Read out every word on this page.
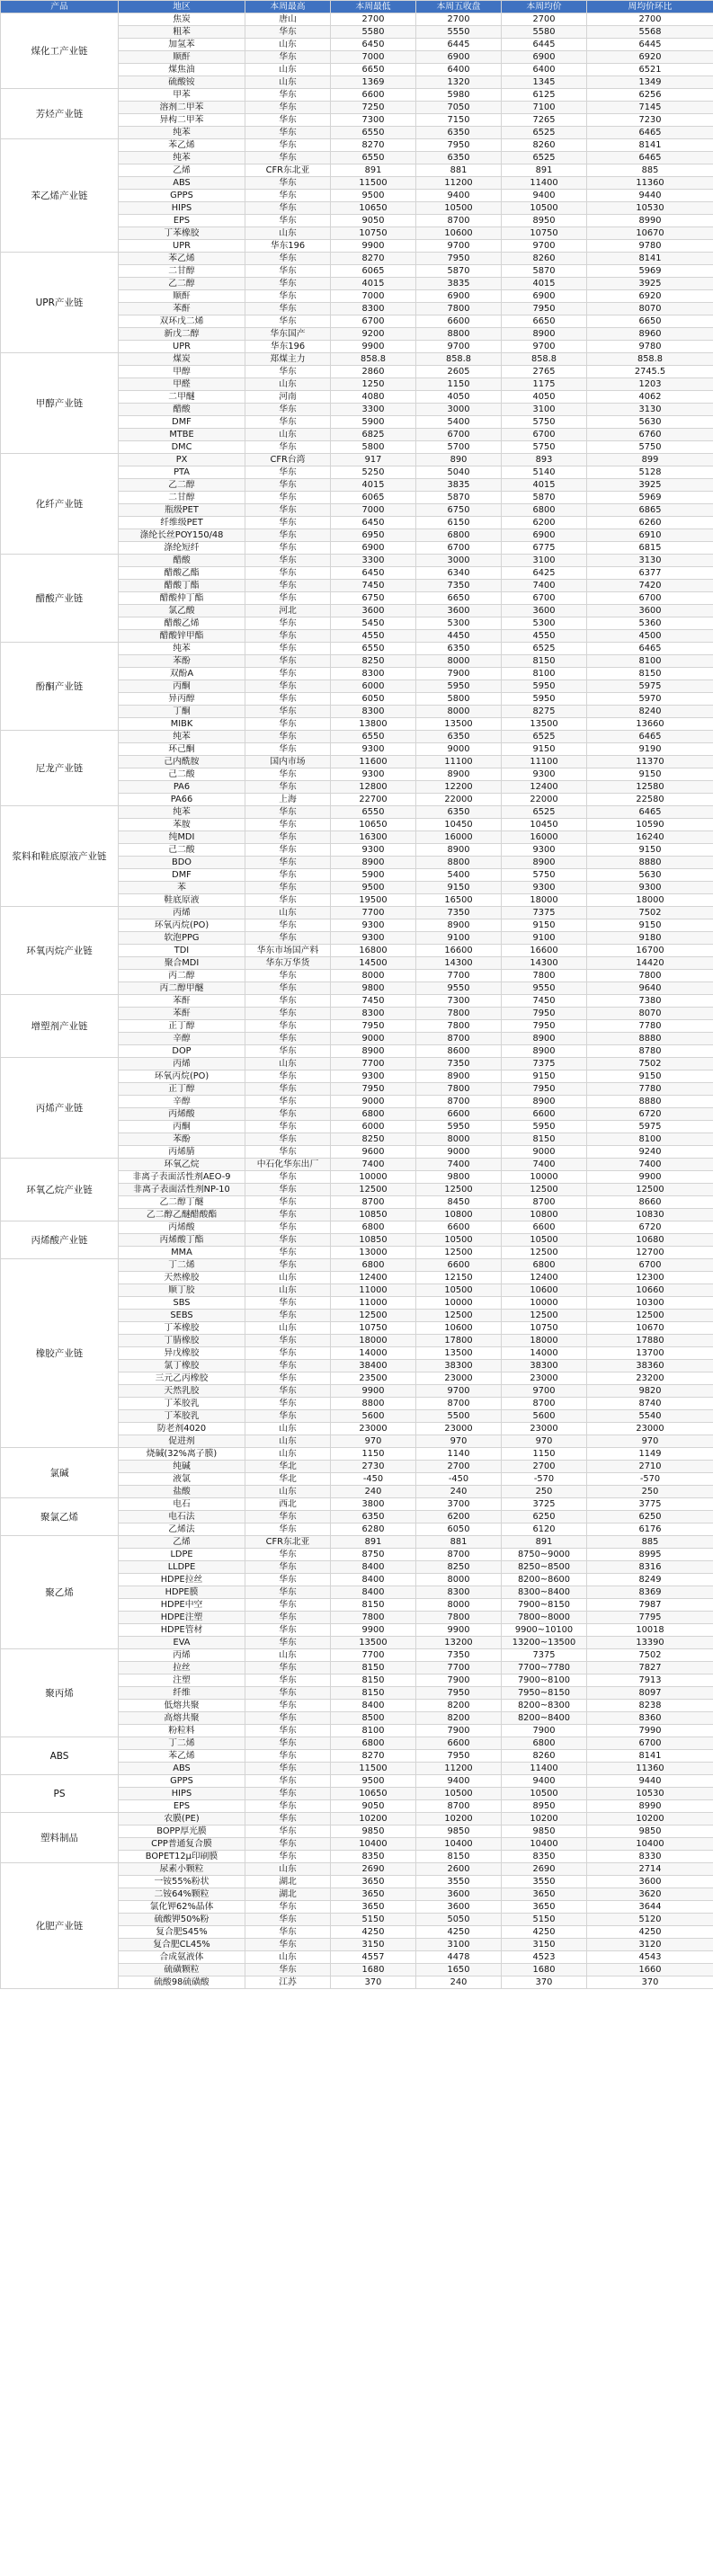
产品	地区	本周最高	本周最低	本周五收盘	本周均价	周均价环比	
煤化工产业链	焦炭	唐山	2700	2700	2700	2700	
	粗苯	华东	5580	5550	5580	5568	
	加氢苯	山东	6450	6445	6445	6445	
	顺酐	华东	7000	6900	6900	6920	
	煤焦油	山东	6650	6400	6400	6521	
	硫酸铵	山东	1369	1320	1345	1349	
芳烃产业链	甲苯	华东	6600	5980	6125	6256	
	溶剂二甲苯	华东	7250	7050	7100	7145	
	异构二甲苯	华东	7300	7150	7265	7230	
	纯苯	华东	6550	6350	6525	6465	
苯乙烯产业链	苯乙烯	华东	8270	7950	8260	8141	
	纯苯	华东	6550	6350	6525	6465	
	乙烯	CFR东北亚	891	881	891	885	
	ABS	华东	11500	11200	11400	11360	
	GPPS	华东	9500	9400	9400	9440	
	HIPS	华东	10650	10500	10500	10530	
	EPS	华东	9050	8700	8950	8990	
	丁苯橡胶	山东	10750	10600	10750	10670	
	UPR	华东196	9900	9700	9700	9780	
UPR产业链	苯乙烯	华东	8270	7950	8260	8141	
	二甘醇	华东	6065	5870	5870	5969	
	乙二醇	华东	4015	3835	4015	3925	
	顺酐	华东	7000	6900	6900	6920	
	苯酐	华东	8300	7800	7950	8070	
	双环戊二烯	华东	6700	6600	6650	6650	
	新戊二醇	华东国产	9200	8800	8900	8960	
	UPR	华东196	9900	9700	9700	9780	
甲醇产业链	煤炭	郑煤主力	858.8	858.8	858.8	858.8	
	甲醇	华东	2860	2605	2765	2745.5	
	甲醛	山东	1250	1150	1175	1203	
	二甲醚	河南	4080	4050	4050	4062	
	醋酸	华东	3300	3000	3100	3130	
	DMF	华东	5900	5400	5750	5630	
	MTBE	山东	6825	6700	6700	6760	
	DMC	华东	5800	5700	5750	5750	
化纤产业链	PX	CFR台湾	917	890	893	899	
	PTA	华东	5250	5040	5140	5128	
	乙二醇	华东	4015	3835	4015	3925	
	二甘醇	华东	6065	5870	5870	5969	
	瓶级PET	华东	7000	6750	6800	6865	
	纤维级PET	华东	6450	6150	6200	6260	
	涤纶长丝POY150/48	华东	6950	6800	6900	6910	
	涤纶短纤	华东	6900	6700	6775	6815	
醋酸产业链	醋酸	华东	3300	3000	3100	3130	
	醋酸乙酯	华东	6450	6340	6425	6377	
	醋酸丁酯	华东	7450	7350	7400	7420	
	醋酸仲丁酯	华东	6750	6650	6700	6700	
	氯乙酸	河北	3600	3600	3600	3600	
	醋酸乙烯	华东	5450	5300	5300	5360	
	醋酸锌甲酯	华东	4550	4450	4550	4500	
酚酮产业链	纯苯	华东	6550	6350	6525	6465	
	苯酚	华东	8250	8000	8150	8100	
	双酚A	华东	8300	7900	8100	8150	
	丙酮	华东	6000	5950	5950	5975	
	异丙醇	华东	6050	5800	5950	5970	
	丁酮	华东	8300	8000	8275	8240	
	MIBK	华东	13800	13500	13500	13660	
尼龙产业链	纯苯	华东	6550	6350	6525	6465	
	环己酮	华东	9300	9000	9150	9190	
	己内酰胺	国内市场	11600	11100	11100	11370	
	己二酸	华东	9300	8900	9300	9150	
	PA6	华东	12800	12200	12400	12580	
	PA66	上海	22700	22000	22000	22580	
浆料和鞋底原液产业链	纯苯	华东	6550	6350	6525	6465	
	苯胺	华东	10650	10450	10450	10590	
	纯MDI	华东	16300	16000	16000	16240	
	己二酸	华东	9300	8900	9300	9150	
	BDO	华东	8900	8800	8900	8880	
	DMF	华东	5900	5400	5750	5630	
	苯	华东	9500	9150	9300	9300	
	鞋底原液	华东	19500	16500	18000	18000	
环氧丙烷产业链	丙烯	山东	7700	7350	7375	7502	
	环氧丙烷(PO)	华东	9300	8900	9150	9150	
	软泡PPG	华东	9300	9100	9100	9180	
	TDI	华东市场国产料	16800	16600	16600	16700	
	聚合MDI	华东万华货	14500	14300	14300	14420	
	丙二醇	华东	8000	7700	7800	7800	
	丙二醇甲醚	华东	9800	9550	9550	9640	
增塑剂产业链	苯酐	华东	7450	7300	7450	7380	
	苯酐	华东	8300	7800	7950	8070	
	正丁醇	华东	7950	7800	7950	7780	
	辛醇	华东	9000	8700	8900	8880	
	DOP	华东	8900	8600	8900	8780	
丙烯产业链	丙烯	山东	7700	7350	7375	7502	
	环氧丙烷(PO)	华东	9300	8900	9150	9150	
	正丁醇	华东	7950	7800	7950	7780	
	辛醇	华东	9000	8700	8900	8880	
	丙烯酸	华东	6800	6600	6600	6720	
	丙酮	华东	6000	5950	5950	5975	
	苯酚	华东	8250	8000	8150	8100	
	丙烯腈	华东	9600	9000	9000	9240	
环氧乙烷产业链	环氧乙烷	中石化华东出厂	7400	7400	7400	7400	
	非离子表面活性剂AEO-9	华东	10000	9800	10000	9900	
	非离子表面活性剂NP-10	华东	12500	12500	12500	12500	
	乙二醇丁醚	华东	8700	8450	8700	8660	
	乙二醇乙醚醋酸酯	华东	10850	10800	10800	10830	
丙烯酸产业链	丙烯酸	华东	6800	6600	6600	6720	
	丙烯酸丁酯	华东	10850	10500	10500	10680	
	MMA	华东	13000	12500	12500	12700	
橡胶产业链	丁二烯	华东	6800	6600	6800	6700	
	天然橡胶	山东	12400	12150	12400	12300	
	顺丁胶	山东	11000	10500	10600	10660	
	SBS	华东	11000	10000	10000	10300	
	SEBS	华东	12500	12500	12500	12500	
	丁苯橡胶	山东	10750	10600	10750	10670	
	丁腈橡胶	华东	18000	17800	18000	17880	
	异戊橡胶	华东	14000	13500	14000	13700	
	氯丁橡胶	华东	38400	38300	38300	38360	
	三元乙丙橡胶	华东	23500	23000	23000	23200	
	天然乳胶	华东	9900	9700	9700	9820	
	丁苯胶乳	华东	8800	8700	8700	8740	
	丁苯胶乳	华东	5600	5500	5600	5540	
	防老剂4020	山东	23000	23000	23000	23000	
	促进剂	山东	970	970	970	970	
氯碱	烧碱(32%离子膜)	山东	1150	1140	1150	1149	
	纯碱	华北	2730	2700	2700	2710	
	液氯	华北	-450	-450	-570	-570	
	盐酸	山东	240	240	250	250	
聚氯乙烯	电石	西北	3800	3700	3725	3775	
	电石法	华东	6350	6200	6250	6250	
	乙烯法	华东	6280	6050	6120	6176	
聚乙烯	乙烯	CFR东北亚	891	881	891	885	
	LDPE	华东	8750	8700	8750~9000	8995	
	LLDPE	华东	8400	8250	8250~8500	8316	
	HDPE拉丝	华东	8400	8000	8200~8600	8249	
	HDPE膜	华东	8400	8300	8300~8400	8369	
	HDPE中空	华东	8150	8000	7900~8150	7987	
	HDPE注塑	华东	7800	7800	7800~8000	7795	
	HDPE管材	华东	9900	9900	9900~10100	10018	
	EVA	华东	13500	13200	13200~13500	13390	
聚丙烯	丙烯	山东	7700	7350	7375	7502	
	拉丝	华东	8150	7700	7700~7780	7827	
	注塑	华东	8150	7900	7900~8100	7913	
	纤维	华东	8150	7950	7950~8150	8097	
	低熔共聚	华东	8400	8200	8200~8300	8238	
	高熔共聚	华东	8500	8200	8200~8400	8360	
	粉粒料	华东	8100	7900	7900	7990	
ABS	丁二烯	华东	6800	6600	6800	6700	
	苯乙烯	华东	8270	7950	8260	8141	
	ABS	华东	11500	11200	11400	11360	
PS	GPPS	华东	9500	9400	9400	9440	
	HIPS	华东	10650	10500	10500	10530	
	EPS	华东	9050	8700	8950	8990	
塑料制品	农膜(PE)	华东	10200	10200	10200	10200	
	BOPP厚光膜	华东	9850	9850	9850	9850	
	CPP普通复合膜	华东	10400	10400	10400	10400	
	BOPET12μ印刷膜	华东	8350	8150	8350	8330	
化肥产业链	尿素小颗粒	山东	2690	2600	2690	2714	
	一铵55%粉状	湖北	3650	3550	3550	3600	
	二铵64%颗粒	湖北	3650	3600	3650	3620	
	氯化钾62%晶体	华东	3650	3600	3650	3644	
	硫酸钾50%粉	华东	5150	5050	5150	5120	
	复合肥S45%	华东	4250	4250	4250	4250	
	复合肥CL45%	华东	3150	3100	3150	3120	
	合成氨液体	山东	4557	4478	4523	4543	
	硫磺颗粒	华东	1680	1650	1680	1660	
	硫酸98硫磺酸	江苏	370	240	370	370	
